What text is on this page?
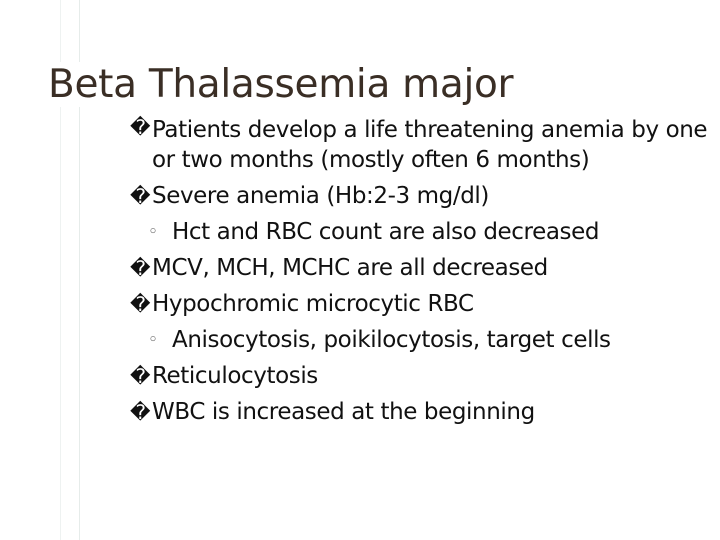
Beta Thalassemia major
� Patients develop a life threatening anemia by one or two months (mostly often 6 months)
� Severe anemia (Hb:2-3 mg/dl)
◦ Hct and RBC count are also decreased
� MCV, MCH, MCHC are all decreased
� Hypochromic microcytic RBC
◦ Anisocytosis, poikilocytosis, target cells
� Reticulocytosis
� WBC is increased at the beginning
